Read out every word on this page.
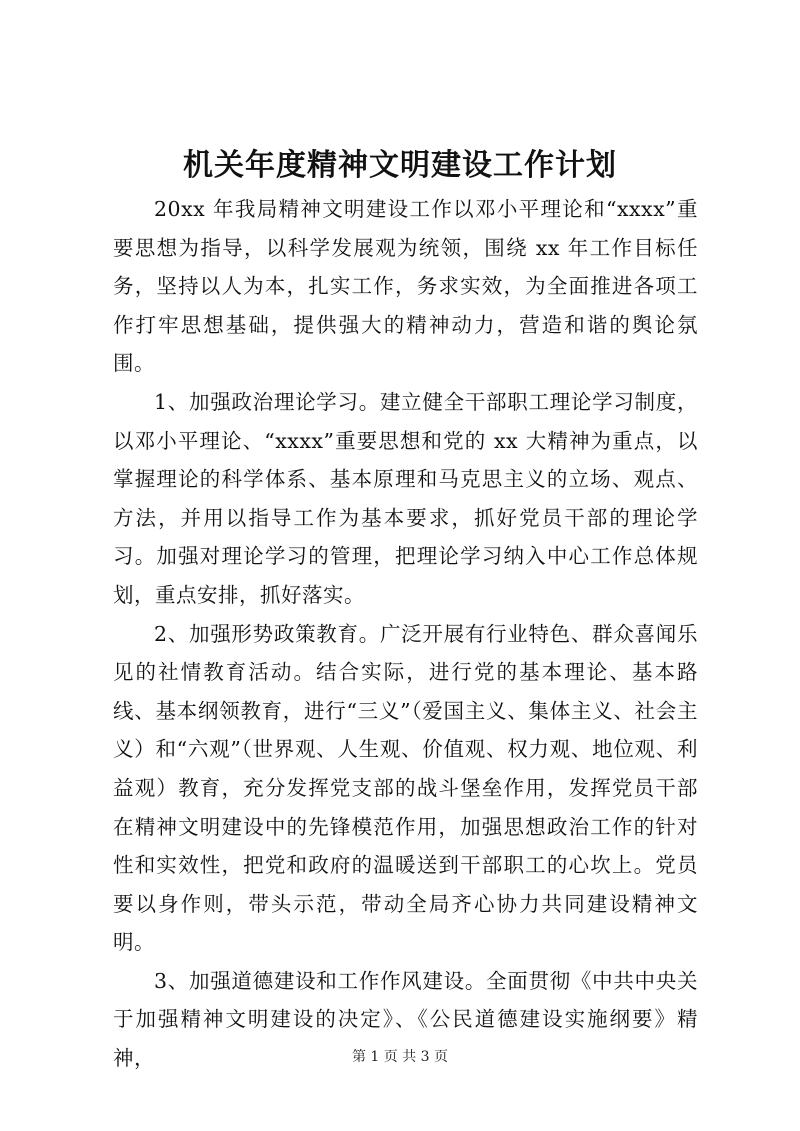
机关年度精神文明建设工作计划

20xx 年我局精神文明建设工作以邓小平理论和“xxxx”重要思想为指导，以科学发展观为统领，围绕 xx 年工作目标任务，坚持以人为本，扎实工作，务求实效，为全面推进各项工作打牢思想基础，提供强大的精神动力，营造和谐的舆论氛围。

1、加强政治理论学习。建立健全干部职工理论学习制度，以邓小平理论、“xxxx”重要思想和党的 xx 大精神为重点，以掌握理论的科学体系、基本原理和马克思主义的立场、观点、方法，并用以指导工作为基本要求，抓好党员干部的理论学习。加强对理论学习的管理，把理论学习纳入中心工作总体规划，重点安排，抓好落实。

2、加强形势政策教育。广泛开展有行业特色、群众喜闻乐见的社情教育活动。结合实际，进行党的基本理论、基本路线、基本纲领教育，进行“三义”（爱国主义、集体主义、社会主义）和“六观”（世界观、人生观、价值观、权力观、地位观、利益观）教育，充分发挥党支部的战斗堡垒作用，发挥党员干部在精神文明建设中的先锋模范作用，加强思想政治工作的针对性和实效性，把党和政府的温暖送到干部职工的心坎上。党员要以身作则，带头示范，带动全局齐心协力共同建设精神文明。

3、加强道德建设和工作作风建设。全面贯彻《中共中央关于加强精神文明建设的决定》、《公民道德建设实施纲要》精神，	第 1 页 共 3 页
